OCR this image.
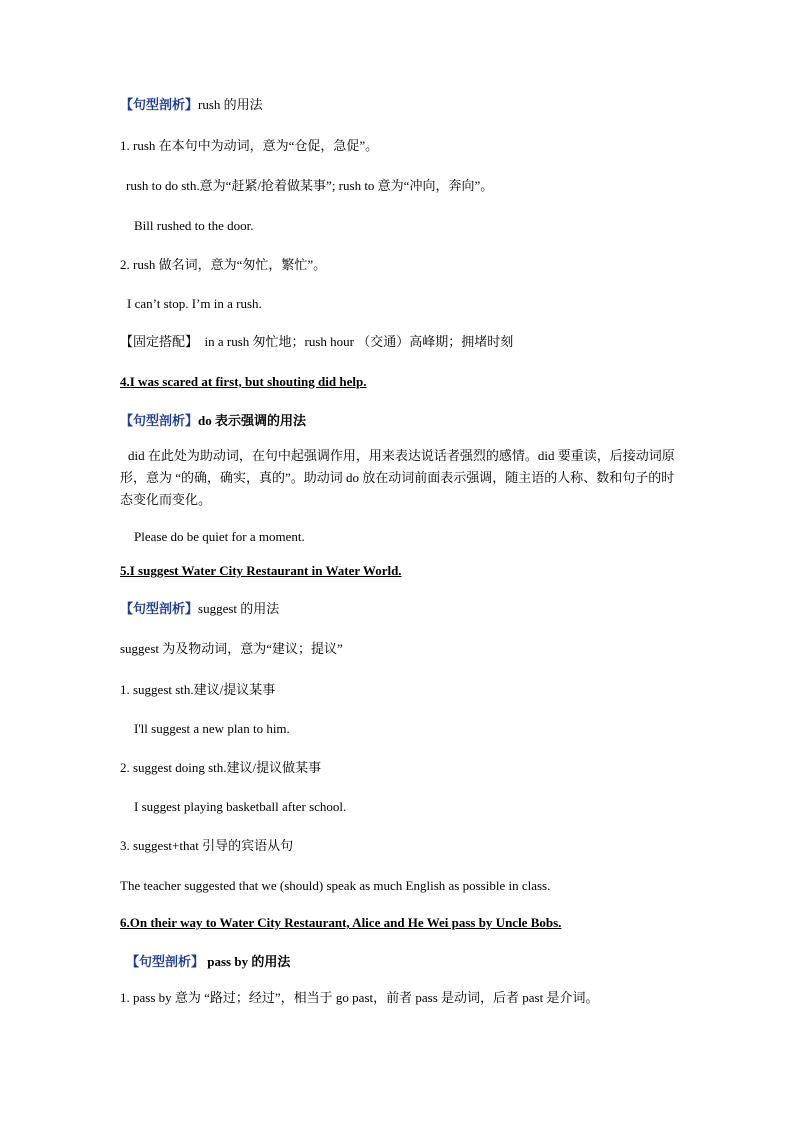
【句型剖析】rush 的用法
1. rush 在本句中为动词，意为“仓促，急促”。
rush to do sth.意为“赶紧/抢着做某事”; rush to 意为“冲向，奔向”。
Bill rushed to the door.
2. rush 做名词，意为“匆忙，繁忙”。
I can’t stop. I’m in a rush.
【固定搭配】 in a rush 匆忙地；rush hour （交通）高峰期；拥堵时刻
4.I was scared at first, but shouting did help.
【句型剖析】do 表示强调的用法
did 在此处为助动词，在句中起强调作用，用来表达说话者强烈的感情。did 要重读，后接动词原形，意为 “的确，确实，真的”。助动词 do 放在动词前面表示强调，随主语的人称、数和句子的时态变化而变化。
Please do be quiet for a moment.
5.I suggest Water City Restaurant in Water World.
【句型剖析】suggest 的用法
suggest 为及物动词，意为“建议；提议”
1. suggest sth.建议/提议某事
I'll suggest a new plan to him.
2. suggest doing sth.建议/提议做某事
I suggest playing basketball after school.
3. suggest+that 引导的宾语从句
The teacher suggested that we (should) speak as much English as possible in class.
6.On their way to Water City Restaurant, Alice and He Wei pass by Uncle Bobs.
【句型剖析】 pass by 的用法
1. pass by 意为 “路过；经过”，相当于 go past，前者 pass 是动词，后者 past 是介词。
